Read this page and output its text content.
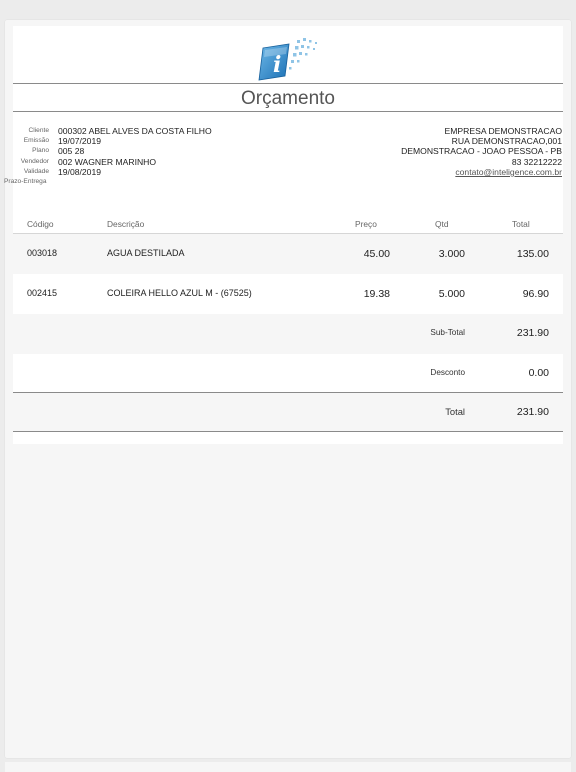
i
Orçamento
Cliente 000302 ABEL ALVES DA COSTA FILHO
Emissão 19/07/2019
Plano 005 28
Vendedor 002 WAGNER MARINHO
Validade 19/08/2019
Prazo-Entrega
EMPRESA DEMONSTRACAO
RUA DEMONSTRACAO,001
DEMONSTRACAO - JOAO PESSOA - PB
83 32212222
contato@inteligence.com.br
Código	Descrição	Preço	Qtd	Total
003018	AGUA DESTILADA	45.00	3.000	135.00
002415	COLEIRA HELLO AZUL M - (67525)	19.38	5.000	96.90
Sub-Total	231.90
Desconto	0.00
Total	231.90
